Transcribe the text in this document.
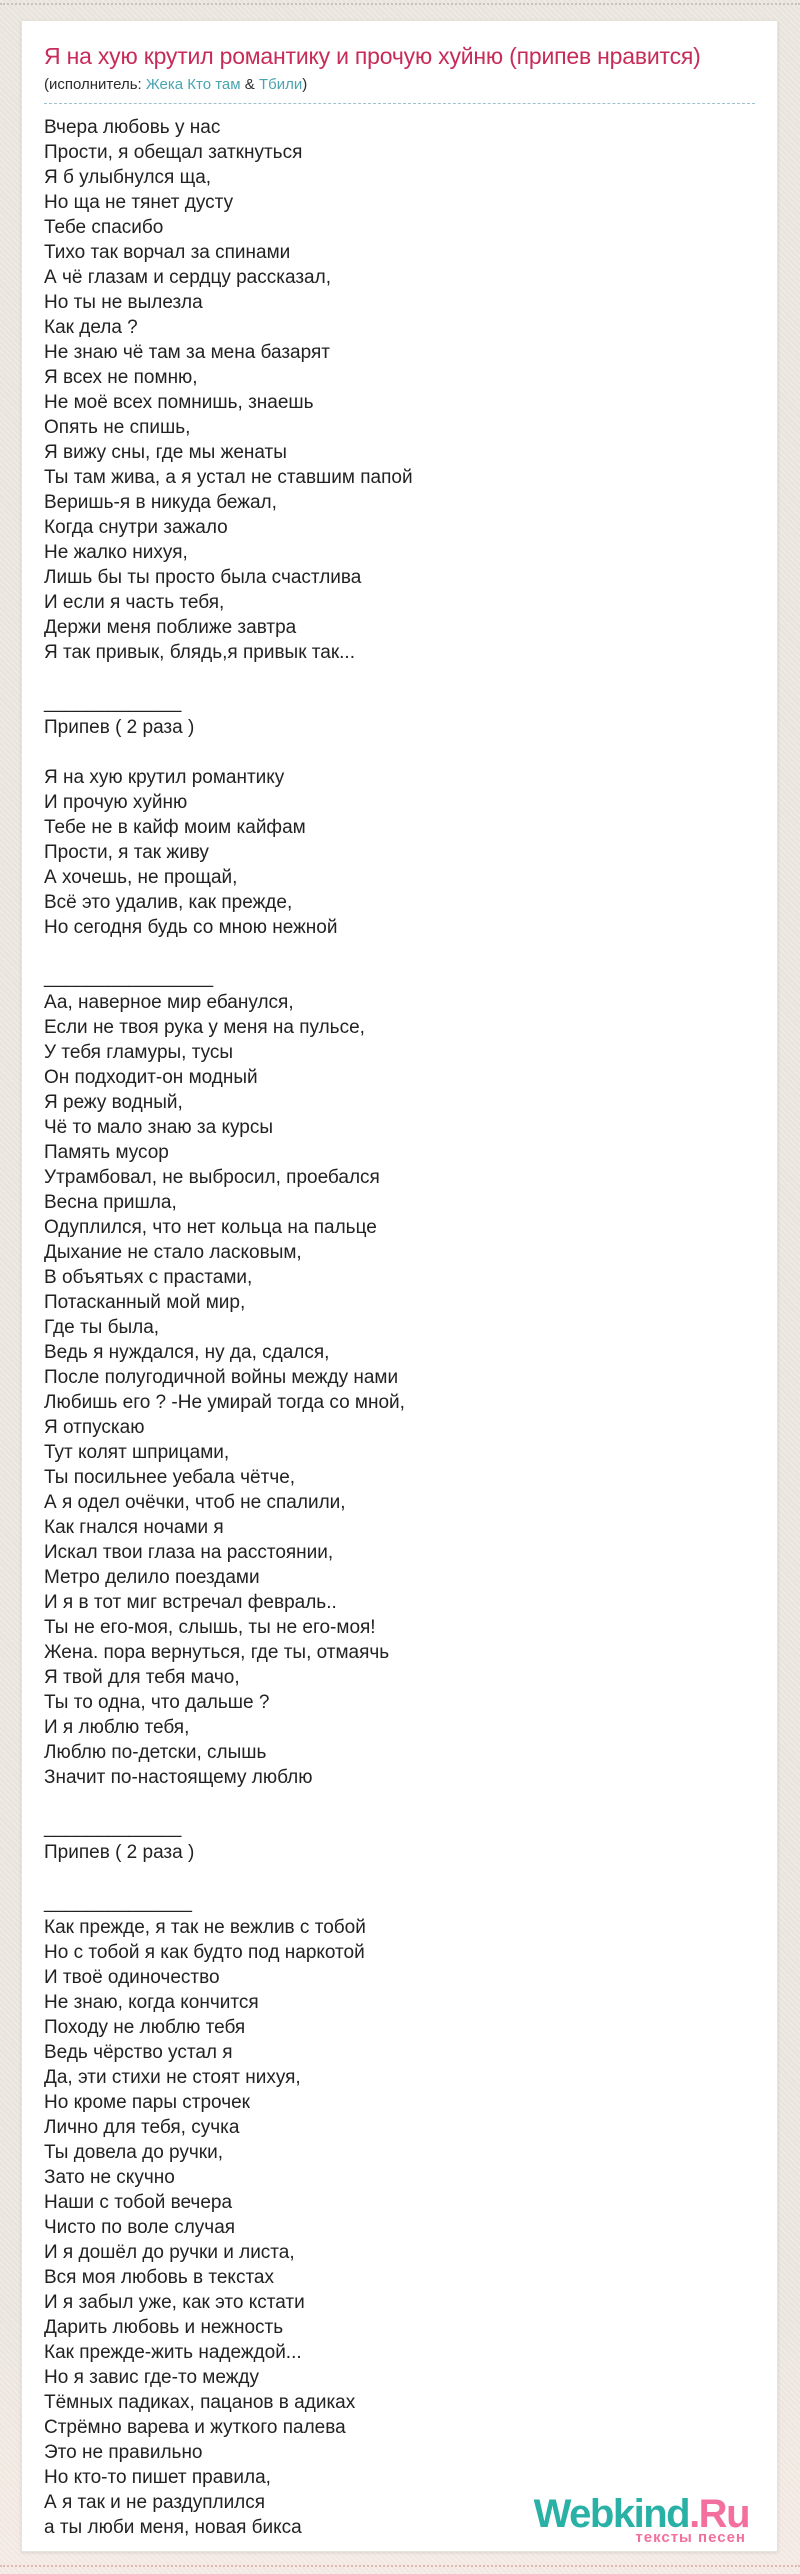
Я на хую крутил романтику и прочую хуйню (припев нравится)
(исполнитель: Жека Кто там & Тбили)
Вчера любовь у нас
Прости, я обещал заткнуться
Я б улыбнулся ща,
Но ща не тянет дусту
Тебе спасибо
Тихо так ворчал за спинами
А чё глазам и сердцу рассказал,
Но ты не вылезла
Как дела ?
Не знаю чё там за мена базарят
Я всех не помню,
Не моё всех помнишь, знаешь
Опять не спишь,
Я вижу сны, где мы женаты
Ты там жива, а я устал не ставшим папой
Веришь-я в никуда бежал,
Когда снутри зажало
Не жалко нихуя,
Лишь бы ты просто была счастлива
И если я часть тебя,
Держи меня поближе завтра
Я так привык, блядь,я привык так...

_____________
Припев ( 2 раза )

Я на хую крутил романтику
И прочую хуйню
Тебе не в кайф моим кайфам
Прости, я так живу
А хочешь, не прощай,
Всё это удалив, как прежде,
Но сегодня будь со мною нежной

________________
Аа, наверное мир ебанулся,
Если не твоя рука у меня на пульсе,
У тебя гламуры, тусы
Он подходит-он модный
Я режу водный,
Чё то мало знаю за курсы
Память мусор
Утрамбовал, не выбросил, проебался
Весна пришла,
Одуплился, что нет кольца на пальце
Дыхание не стало ласковым,
В объятьях с прастами,
Потасканный мой мир,
Где ты была,
Ведь я нуждался, ну да, сдался,
После полугодичной войны между нами
Любишь его ? -Не умирай тогда со мной,
Я отпускаю
Тут колят шприцами,
Ты посильнее уебала чётче,
А я одел очёчки, чтоб не спалили,
Как гнался ночами я
Искал твои глаза на расстоянии,
Метро делило поездами
И я в тот миг встречал февраль..
Ты не его-моя, слышь, ты не его-моя!
Жена. пора вернуться, где ты, отмаячь
Я твой для тебя мачо,
Ты то одна, что дальше ?
И я люблю тебя,
Люблю по-детски, слышь
Значит по-настоящему люблю

_____________
Припев ( 2 раза )

______________
Как прежде, я так не вежлив с тобой
Но с тобой я как будто под наркотой
И твоё одиночество
Не знаю, когда кончится
Походу не люблю тебя
Ведь чёрство устал я
Да, эти стихи не стоят нихуя,
Но кроме пары строчек
Лично для тебя, сучка
Ты довела до ручки,
Зато не скучно
Наши с тобой вечера
Чисто по воле случая
И я дошёл до ручки и листа,
Вся моя любовь в текстах
И я забыл уже, как это кстати
Дарить любовь и нежность
Как прежде-жить надеждой...
Но я завис где-то между
Тёмных падиках, пацанов в адиках
Стрёмно варева и жуткого палева
Это не правильно
Но кто-то пишет правила,
А я так и не раздуплился
а ты люби меня, новая бикса	Webkind.Ru
тексты песен
